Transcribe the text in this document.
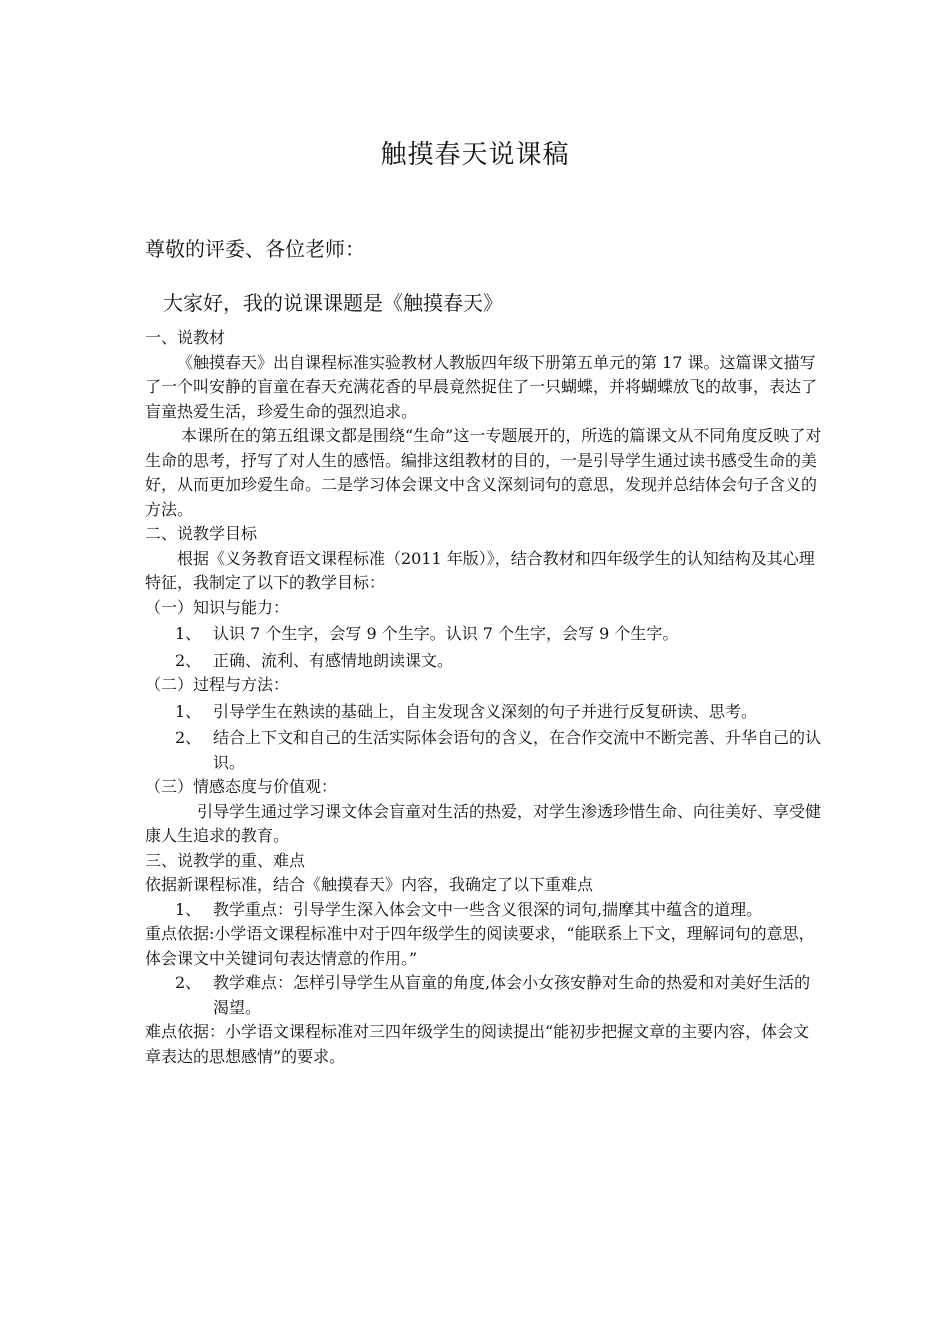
触摸春天说课稿
尊敬的评委、各位老师：
大家好，我的说课课题是《触摸春天》

一、说教材

《触摸春天》出自课程标准实验教材人教版四年级下册第五单元的第 17 课。这篇课文描写了一个叫安静的盲童在春天充满花香的早晨竟然捉住了一只蝴蝶，并将蝴蝶放飞的故事，表达了盲童热爱生活，珍爱生命的强烈追求。

本课所在的第五组课文都是围绕“生命”这一专题展开的，所选的篇课文从不同角度反映了对生命的思考，抒写了对人生的感悟。编排这组教材的目的，一是引导学生通过读书感受生命的美好，从而更加珍爱生命。二是学习体会课文中含义深刻词句的意思，发现并总结体会句子含义的方法。

二、说教学目标

根据《义务教育语文课程标准（2011 年版）》，结合教材和四年级学生的认知结构及其心理特征，我制定了以下的教学目标：

（一）知识与能力：

1、 认识 7 个生字，会写 9 个生字。认识 7 个生字，会写 9 个生字。
2、 正确、流利、有感情地朗读课文。

（二）过程与方法：

1、 引导学生在熟读的基础上，自主发现含义深刻的句子并进行反复研读、思考。
2、 结合上下文和自己的生活实际体会语句的含义，在合作交流中不断完善、升华自己的认识。

（三）情感态度与价值观：

引导学生通过学习课文体会盲童对生活的热爱，对学生渗透珍惜生命、向往美好、享受健康人生追求的教育。

三、说教学的重、难点

依据新课程标准，结合《触摸春天》内容，我确定了以下重难点

1、 教学重点：引导学生深入体会文中一些含义很深的词句,揣摩其中蕴含的道理。

重点依据:小学语文课程标准中对于四年级学生的阅读要求，“能联系上下文，理解词句的意思，体会课文中关键词句表达情意的作用。”

2、 教学难点：怎样引导学生从盲童的角度,体会小女孩安静对生命的热爱和对美好生活的渴望。

难点依据：小学语文课程标准对三四年级学生的阅读提出“能初步把握文章的主要内容，体会文章表达的思想感情”的要求。
